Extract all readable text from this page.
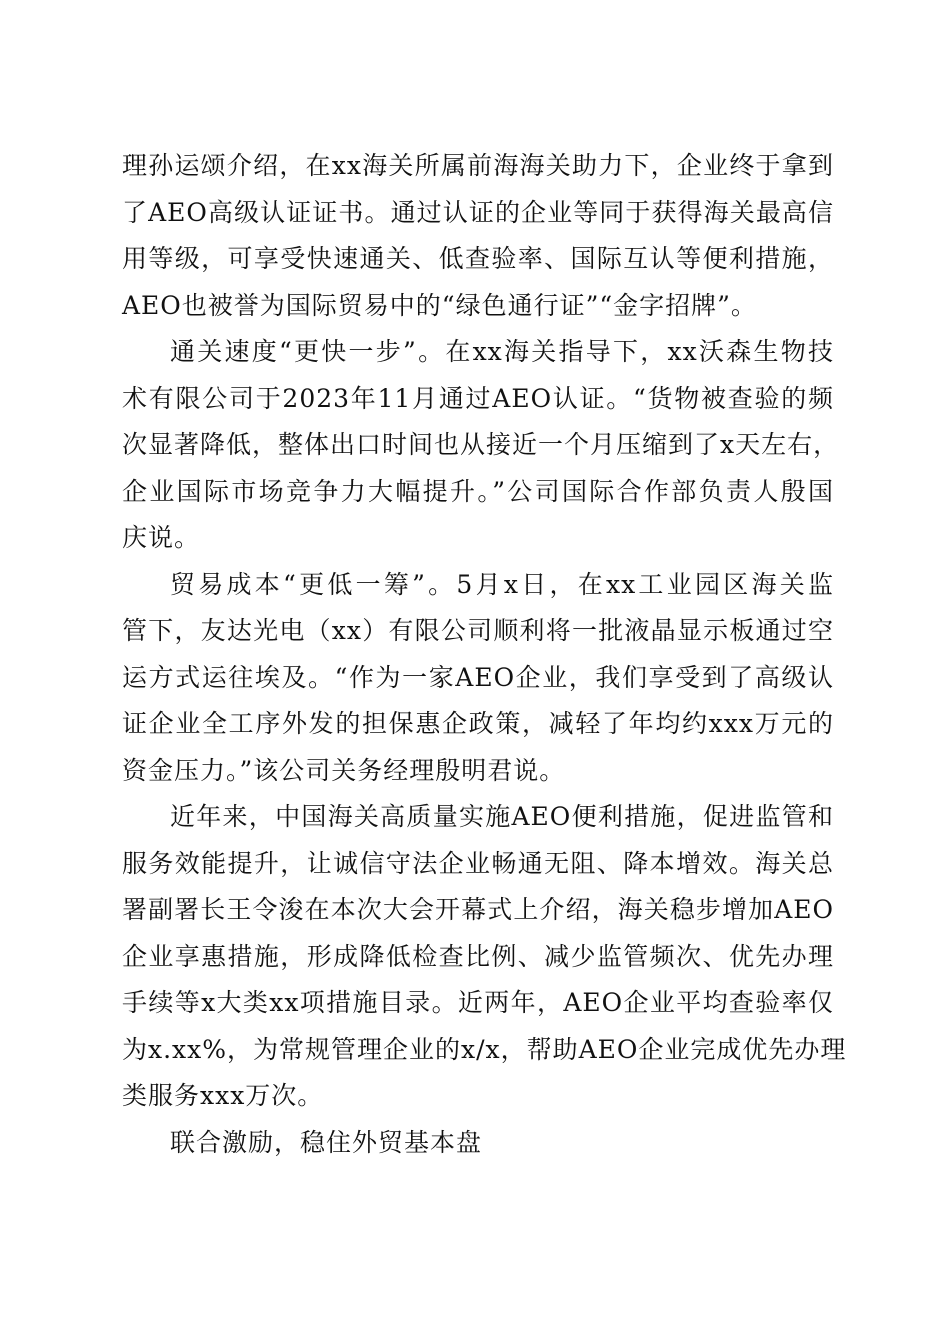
理孙运颂介绍，在xx海关所属前海海关助力下，企业终于拿到
了AEO高级认证证书。通过认证的企业等同于获得海关最高信
用等级，可享受快速通关、低查验率、国际互认等便利措施，
AEO也被誉为国际贸易中的“绿色通行证”“金字招牌”。
通关速度“更快一步”。在xx海关指导下，xx沃森生物技
术有限公司于2023年11月通过AEO认证。“货物被查验的频
次显著降低，整体出口时间也从接近一个月压缩到了x天左右，
企业国际市场竞争力大幅提升。”公司国际合作部负责人殷国
庆说。
贸易成本“更低一筹”。5月x日，在xx工业园区海关监
管下，友达光电（xx）有限公司顺利将一批液晶显示板通过空
运方式运往埃及。“作为一家AEO企业，我们享受到了高级认
证企业全工序外发的担保惠企政策，减轻了年均约xxx万元的
资金压力。”该公司关务经理殷明君说。
近年来，中国海关高质量实施AEO便利措施，促进监管和
服务效能提升，让诚信守法企业畅通无阻、降本增效。海关总
署副署长王令浚在本次大会开幕式上介绍，海关稳步增加AEO
企业享惠措施，形成降低检查比例、减少监管频次、优先办理
手续等x大类xx项措施目录。近两年，AEO企业平均查验率仅
为x.xx%，为常规管理企业的x/x，帮助AEO企业完成优先办理
类服务xxx万次。
联合激励，稳住外贸基本盘
